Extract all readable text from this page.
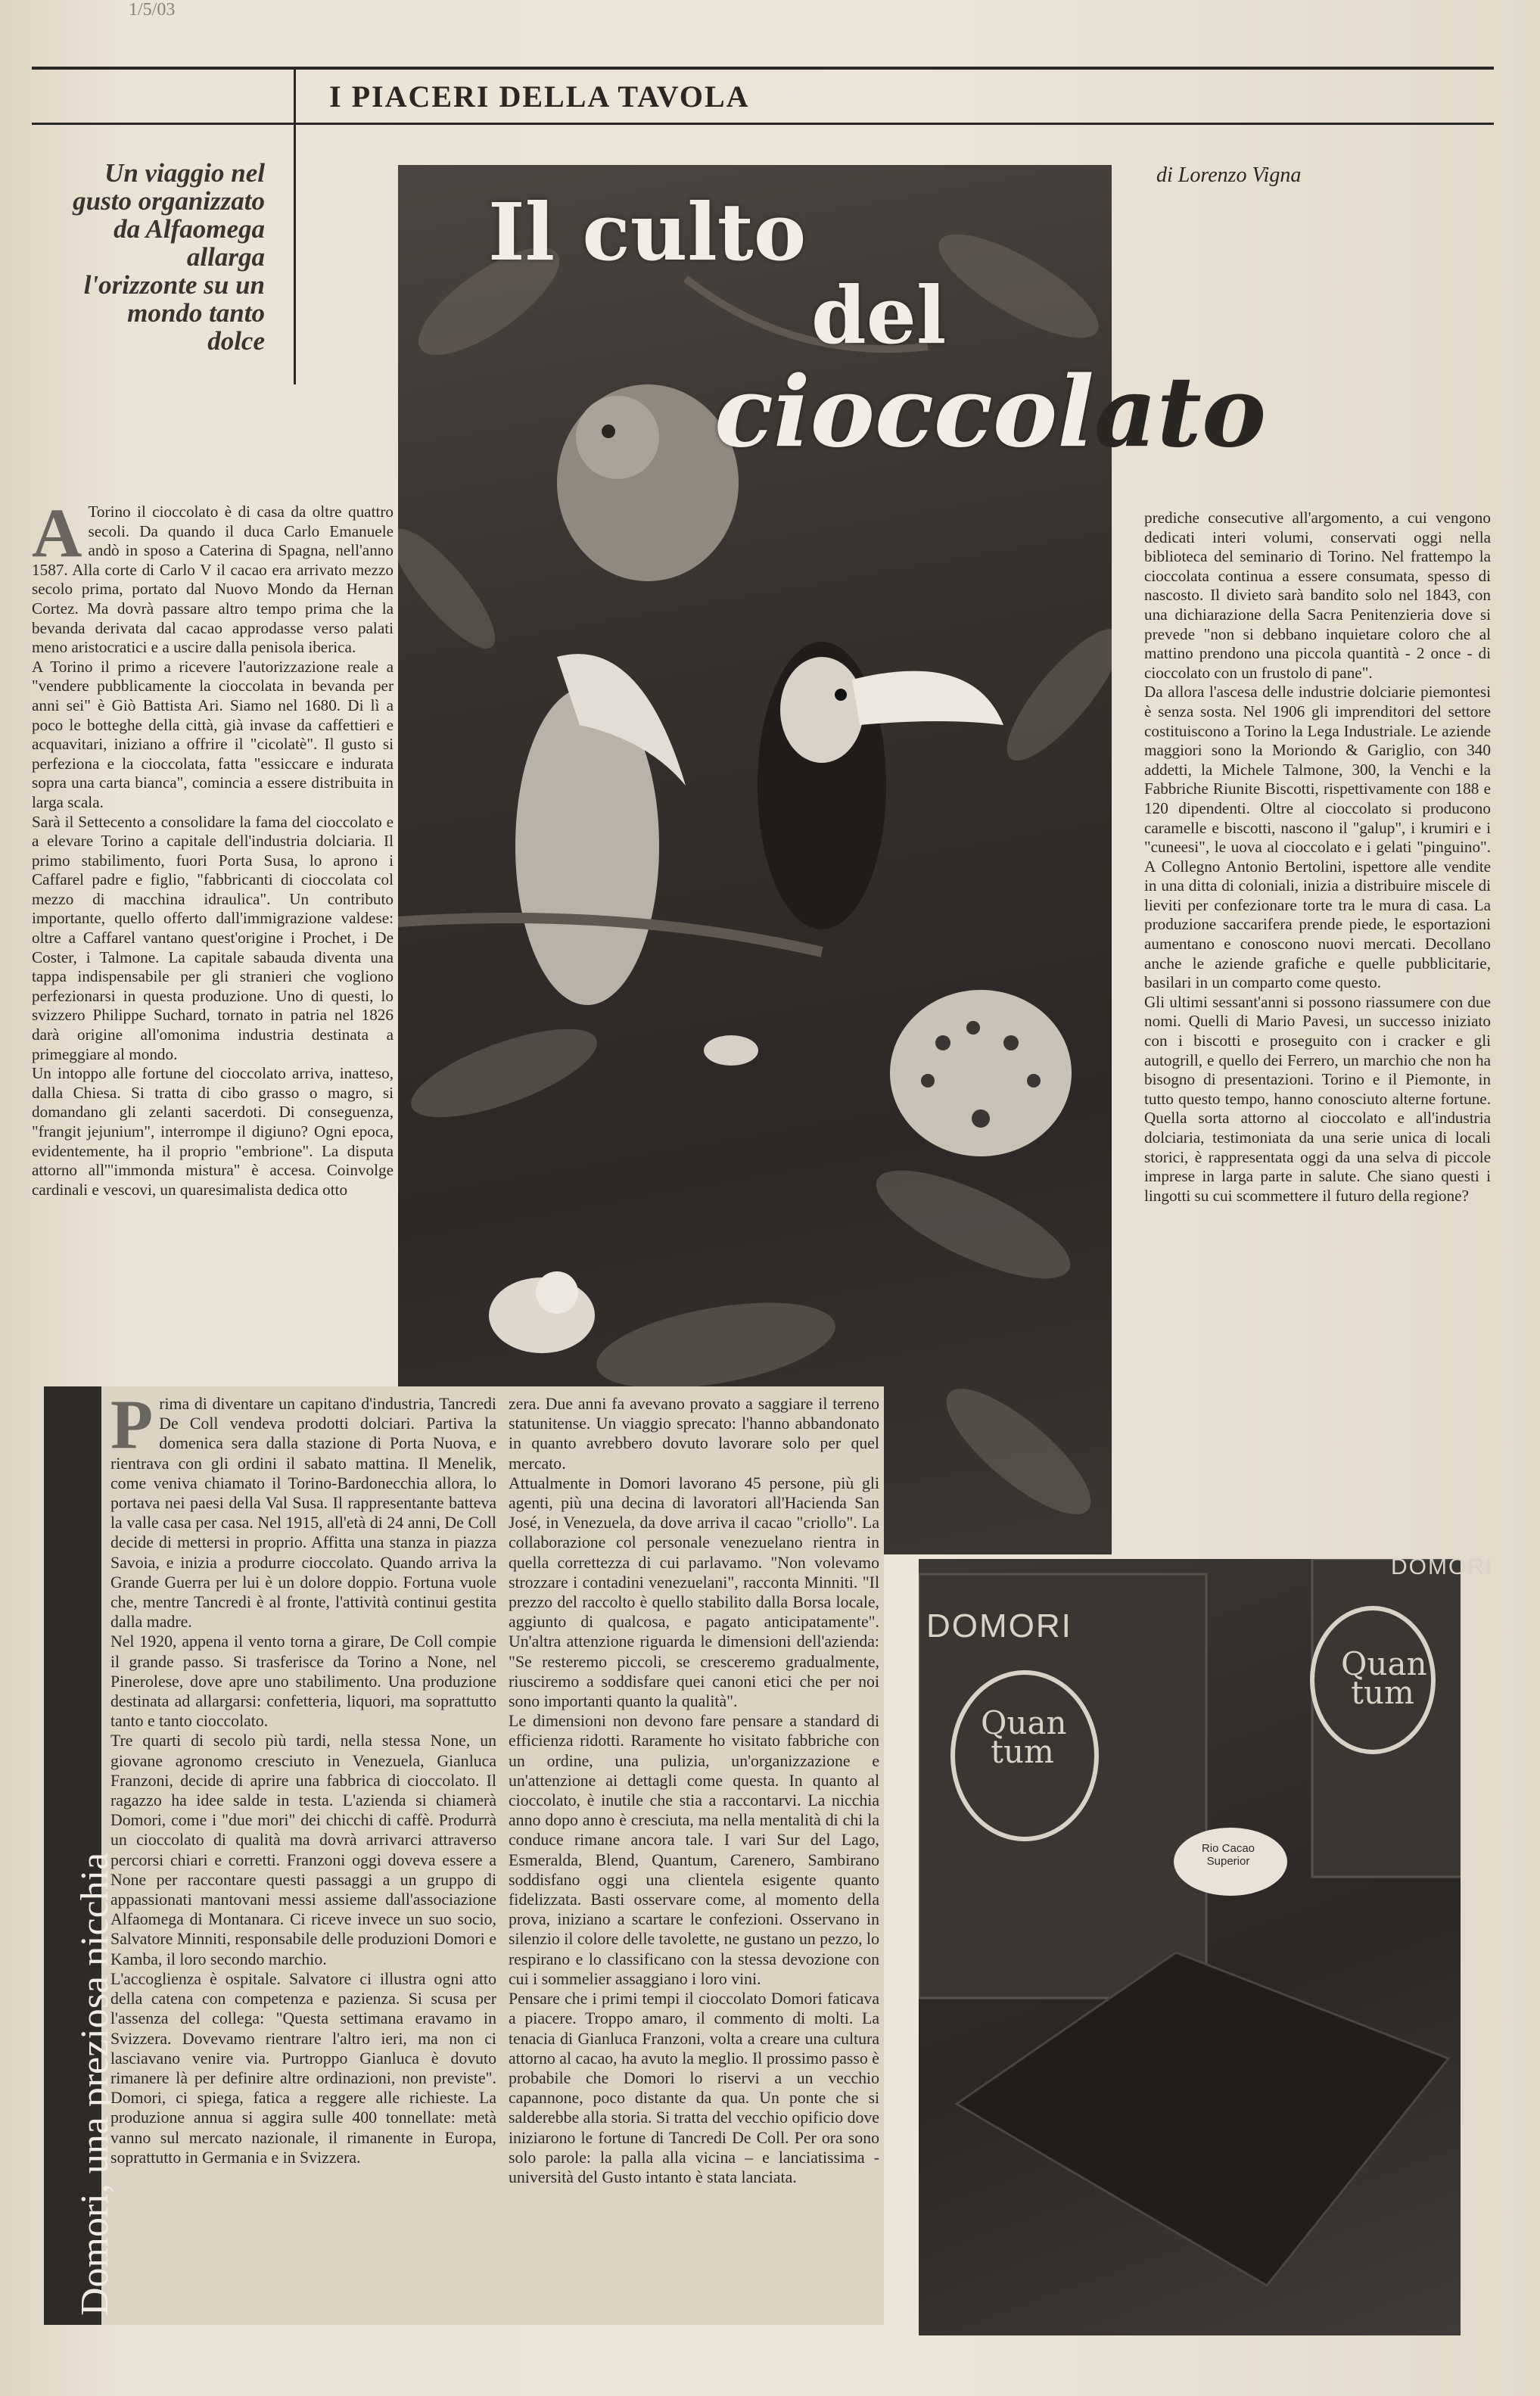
1/5/03
I PIACERI DELLA TAVOLA
Un viaggio nel gusto organizzato da Alfaomega allarga l'orizzonte su un mondo tanto dolce
di Lorenzo Vigna
Il culto
del
cioccolato
A Torino il cioccolato è di casa da oltre quattro secoli. Da quando il duca Carlo Emanuele andò in sposo a Caterina di Spagna, nell'anno 1587. Alla corte di Carlo V il cacao era arrivato mezzo secolo prima, portato dal Nuovo Mondo da Hernan Cortez. Ma dovrà passare altro tempo prima che la bevanda derivata dal cacao approdasse verso palati meno aristocratici e a uscire dalla penisola iberica.
A Torino il primo a ricevere l'autorizzazione reale a "vendere pubblicamente la cioccolata in bevanda per anni sei" è Giò Battista Ari. Siamo nel 1680. Di lì a poco le botteghe della città, già invase da caffettieri e acquavitari, iniziano a offrire il "cicolatè". Il gusto si perfeziona e la cioccolata, fatta "essiccare e indurata sopra una carta bianca", comincia a essere distribuita in larga scala.
Sarà il Settecento a consolidare la fama del cioccolato e a elevare Torino a capitale dell'industria dolciaria. Il primo stabilimento, fuori Porta Susa, lo aprono i Caffarel padre e figlio, "fabbricanti di cioccolata col mezzo di macchina idraulica". Un contributo importante, quello offerto dall'immigrazione valdese: oltre a Caffarel vantano quest'origine i Prochet, i De Coster, i Talmone. La capitale sabauda diventa una tappa indispensabile per gli stranieri che vogliono perfezionarsi in questa produzione. Uno di questi, lo svizzero Philippe Suchard, tornato in patria nel 1826 darà origine all'omonima industria destinata a primeggiare al mondo.
Un intoppo alle fortune del cioccolato arriva, inatteso, dalla Chiesa. Si tratta di cibo grasso o magro, si domandano gli zelanti sacerdoti. Di conseguenza, "frangit jejunium", interrompe il digiuno? Ogni epoca, evidentemente, ha il proprio "embrione". La disputa attorno all'"immonda mistura" è accesa. Coinvolge cardinali e vescovi, un quaresimalista dedica otto
prediche consecutive all'argomento, a cui vengono dedicati interi volumi, conservati oggi nella biblioteca del seminario di Torino. Nel frattempo la cioccolata continua a essere consumata, spesso di nascosto. Il divieto sarà bandito solo nel 1843, con una dichiarazione della Sacra Penitenzieria dove si prevede "non si debbano inquietare coloro che al mattino prendono una piccola quantità - 2 once - di cioccolato con un frustolo di pane".
Da allora l'ascesa delle industrie dolciarie piemontesi è senza sosta. Nel 1906 gli imprenditori del settore costituiscono a Torino la Lega Industriale. Le aziende maggiori sono la Moriondo & Gariglio, con 340 addetti, la Michele Talmone, 300, la Venchi e la Fabbriche Riunite Biscotti, rispettivamente con 188 e 120 dipendenti. Oltre al cioccolato si producono caramelle e biscotti, nascono il "galup", i krumiri e i "cuneesi", le uova al cioccolato e i gelati "pinguino". A Collegno Antonio Bertolini, ispettore alle vendite in una ditta di coloniali, inizia a distribuire miscele di lieviti per confezionare torte tra le mura di casa. La produzione saccarifera prende piede, le esportazioni aumentano e conoscono nuovi mercati. Decollano anche le aziende grafiche e quelle pubblicitarie, basilari in un comparto come questo.
Gli ultimi sessant'anni si possono riassumere con due nomi. Quelli di Mario Pavesi, un successo iniziato con i biscotti e proseguito con i cracker e gli autogrill, e quello dei Ferrero, un marchio che non ha bisogno di presentazioni. Torino e il Piemonte, in tutto questo tempo, hanno conosciuto alterne fortune. Quella sorta attorno al cioccolato e all'industria dolciaria, testimoniata da una serie unica di locali storici, è rappresentata oggi da una selva di piccole imprese in larga parte in salute. Che siano questi i lingotti su cui scommettere il futuro della regione?
Domori, una preziosa nicchia
P rima di diventare un capitano d'industria, Tancredi De Coll vendeva prodotti dolciari. Partiva la domenica sera dalla stazione di Porta Nuova, e rientrava con gli ordini il sabato mattina. Il Menelik, come veniva chiamato il Torino-Bardonecchia allora, lo portava nei paesi della Val Susa. Il rappresentante batteva la valle casa per casa. Nel 1915, all'età di 24 anni, De Coll decide di mettersi in proprio. Affitta una stanza in piazza Savoia, e inizia a produrre cioccolato. Quando arriva la Grande Guerra per lui è un dolore doppio. Fortuna vuole che, mentre Tancredi è al fronte, l'attività continui gestita dalla madre.
Nel 1920, appena il vento torna a girare, De Coll compie il grande passo. Si trasferisce da Torino a None, nel Pinerolese, dove apre uno stabilimento. Una produzione destinata ad allargarsi: confetteria, liquori, ma soprattutto tanto e tanto cioccolato.
Tre quarti di secolo più tardi, nella stessa None, un giovane agronomo cresciuto in Venezuela, Gianluca Franzoni, decide di aprire una fabbrica di cioccolato. Il ragazzo ha idee salde in testa. L'azienda si chiamerà Domori, come i "due mori" dei chicchi di caffè. Produrrà un cioccolato di qualità ma dovrà arrivarci attraverso percorsi chiari e corretti. Franzoni oggi doveva essere a None per raccontare questi passaggi a un gruppo di appassionati mantovani messi assieme dall'associazione Alfaomega di Montanara. Ci riceve invece un suo socio, Salvatore Minniti, responsabile delle produzioni Domori e Kamba, il loro secondo marchio.
L'accoglienza è ospitale. Salvatore ci illustra ogni atto della catena con competenza e pazienza. Si scusa per l'assenza del collega: "Questa settimana eravamo in Svizzera. Dovevamo rientrare l'altro ieri, ma non ci lasciavano venire via. Purtroppo Gianluca è dovuto rimanere là per definire altre ordinazioni, non previste". Domori, ci spiega, fatica a reggere alle richieste. La produzione annua si aggira sulle 400 tonnellate: metà vanno sul mercato nazionale, il rimanente in Europa, soprattutto in Germania e in Svizzera.
zera. Due anni fa avevano provato a saggiare il terreno statunitense. Un viaggio sprecato: l'hanno abbandonato in quanto avrebbero dovuto lavorare solo per quel mercato.
Attualmente in Domori lavorano 45 persone, più gli agenti, più una decina di lavoratori all'Hacienda San José, in Venezuela, da dove arriva il cacao "criollo". La collaborazione col personale venezuelano rientra in quella correttezza di cui parlavamo. "Non volevamo strozzare i contadini venezuelani", racconta Minniti. "Il prezzo del raccolto è quello stabilito dalla Borsa locale, aggiunto di qualcosa, e pagato anticipatamente". Un'altra attenzione riguarda le dimensioni dell'azienda: "Se resteremo piccoli, se cresceremo gradualmente, riusciremo a soddisfare quei canoni etici che per noi sono importanti quanto la qualità".
Le dimensioni non devono fare pensare a standard di efficienza ridotti. Raramente ho visitato fabbriche con un ordine, una pulizia, un'organizzazione e un'attenzione ai dettagli come questa. In quanto al cioccolato, è inutile che stia a raccontarvi. La nicchia anno dopo anno è cresciuta, ma nella mentalità di chi la conduce rimane ancora tale. I vari Sur del Lago, Esmeralda, Blend, Quantum, Carenero, Sambirano soddisfano oggi una clientela esigente quanto fidelizzata. Basti osservare come, al momento della prova, iniziano a scartare le confezioni. Osservano in silenzio il colore delle tavolette, ne gustano un pezzo, lo respirano e lo classificano con la stessa devozione con cui i sommelier assaggiano i loro vini.
Pensare che i primi tempi il cioccolato Domori faticava a piacere. Troppo amaro, il commento di molti. La tenacia di Gianluca Franzoni, volta a creare una cultura attorno al cacao, ha avuto la meglio. Il prossimo passo è probabile che Domori lo riservi a un vecchio capannone, poco distante da qua. Un ponte che si salderebbe alla storia. Si tratta del vecchio opificio dove iniziarono le fortune di Tancredi De Coll. Per ora sono solo parole: la palla alla vicina – e lanciatissima - università del Gusto intanto è stata lanciata.
DOMORI
DOMORI
Quan tum
Quan tum
Rio Cacao Superior
